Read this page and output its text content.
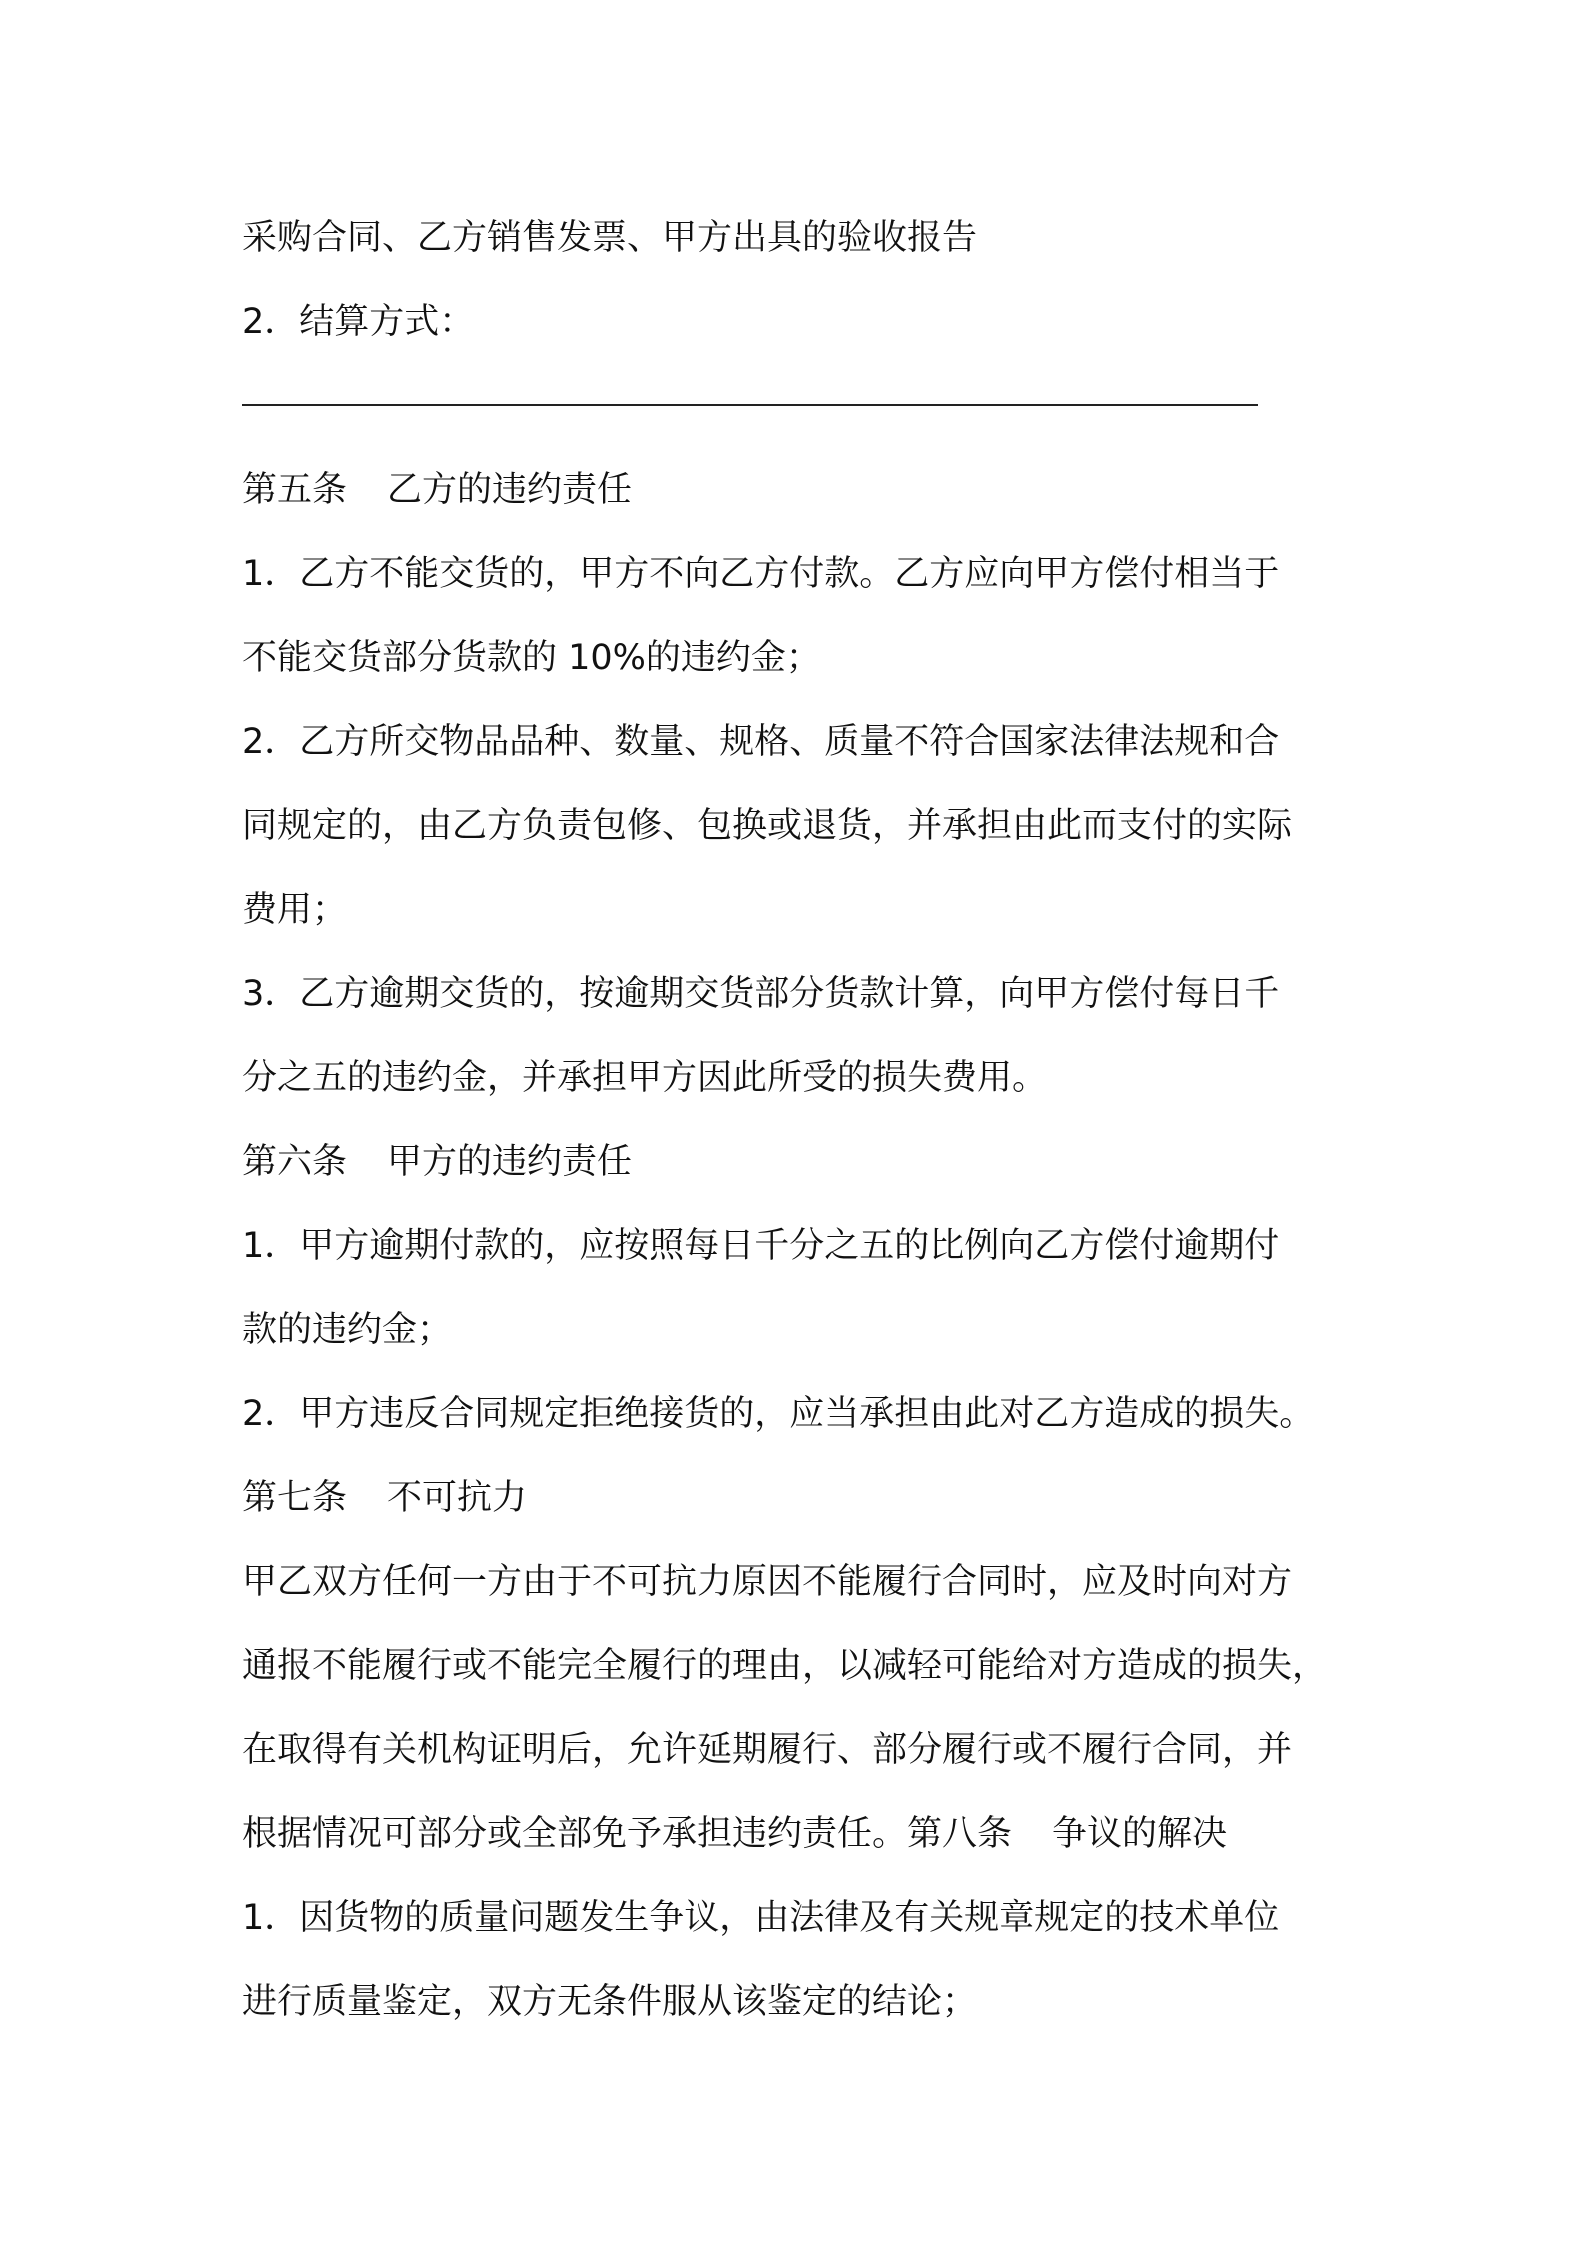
采购合同、乙方销售发票、甲方出具的验收报告
2．结算方式：
第五条 乙方的违约责任
1．乙方不能交货的，甲方不向乙方付款。乙方应向甲方偿付相当于
不能交货部分货款的 10%的违约金；
2．乙方所交物品品种、数量、规格、质量不符合国家法律法规和合
同规定的，由乙方负责包修、包换或退货，并承担由此而支付的实际
费用；
3．乙方逾期交货的，按逾期交货部分货款计算，向甲方偿付每日千
分之五的违约金，并承担甲方因此所受的损失费用。
第六条 甲方的违约责任
1．甲方逾期付款的，应按照每日千分之五的比例向乙方偿付逾期付
款的违约金；
2．甲方违反合同规定拒绝接货的，应当承担由此对乙方造成的损失。
第七条 不可抗力
甲乙双方任何一方由于不可抗力原因不能履行合同时，应及时向对方
通报不能履行或不能完全履行的理由，以减轻可能给对方造成的损失，
在取得有关机构证明后，允许延期履行、部分履行或不履行合同，并
根据情况可部分或全部免予承担违约责任。第八条 争议的解决
1．因货物的质量问题发生争议，由法律及有关规章规定的技术单位
进行质量鉴定，双方无条件服从该鉴定的结论；
